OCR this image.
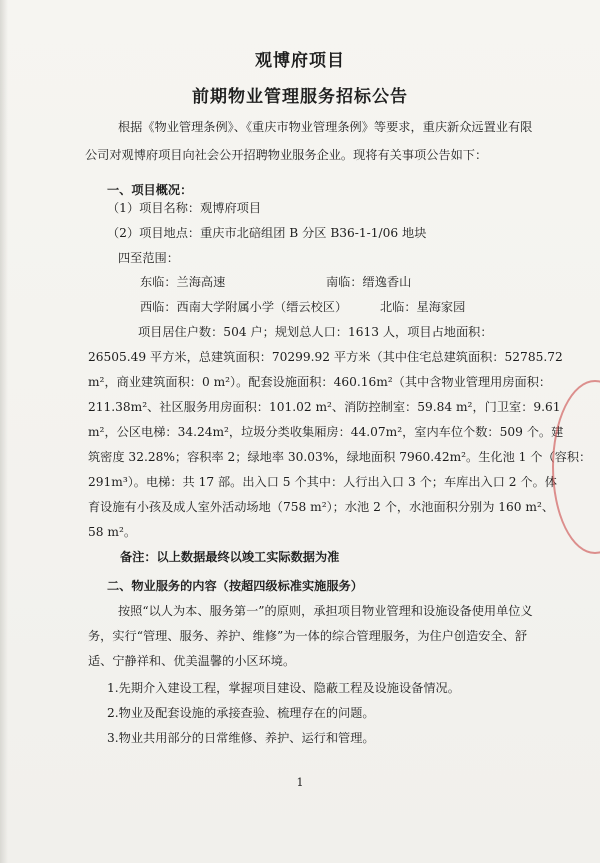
观博府项目
前期物业管理服务招标公告
根据《物业管理条例》、《重庆市物业管理条例》等要求，重庆新众远置业有限
公司对观博府项目向社会公开招聘物业服务企业。现将有关事项公告如下：
一、项目概况：
（1）项目名称：观博府项目
（2）项目地点：重庆市北碚组团 B 分区 B36-1-1/06 地块
四至范围：
东临：兰海高速	南临：缙逸香山
西临：西南大学附属小学（缙云校区）	北临：星海家园
项目居住户数：504 户；规划总人口：1613 人，项目占地面积：
26505.49 平方米，总建筑面积：70299.92 平方米（其中住宅总建筑面积：52785.72
m²，商业建筑面积：0 m²）。配套设施面积：460.16m²（其中含物业管理用房面积：
211.38m²、社区服务用房面积：101.02 m²、消防控制室：59.84 m²，门卫室：9.61
m²，公区电梯：34.24m²，垃圾分类收集厢房：44.07m²，室内车位个数：509 个。建
筑密度 32.28%；容积率 2；绿地率 30.03%，绿地面积 7960.42m²。生化池 1 个（容积：
291m³）。电梯：共 17 部。出入口 5 个其中：人行出入口 3 个；车库出入口 2 个。体
育设施有小孩及成人室外活动场地（758 m²）；水池 2 个，水池面积分别为 160 m²、
58 m²。
备注：以上数据最终以竣工实际数据为准
二、物业服务的内容（按超四级标准实施服务）
按照“以人为本、服务第一”的原则，承担项目物业管理和设施设备使用单位义
务，实行“管理、服务、养护、维修”为一体的综合管理服务，为住户创造安全、舒
适、宁静祥和、优美温馨的小区环境。
1.先期介入建设工程，掌握项目建设、隐蔽工程及设施设备情况。
2.物业及配套设施的承接查验、梳理存在的问题。
3.物业共用部分的日常维修、养护、运行和管理。
1
